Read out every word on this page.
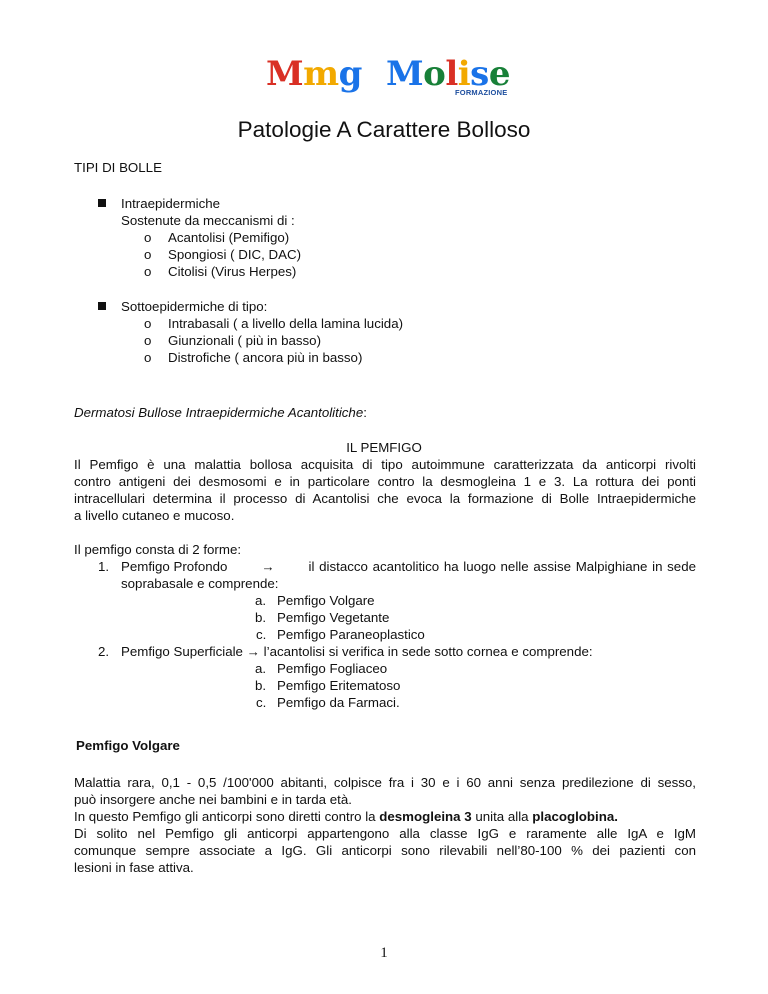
Mmg Molise
FORMAZIONE
Patologie A Carattere Bolloso
TIPI DI BOLLE
Intraepidermiche
Sostenute da meccanismi di :
o Acantolisi (Pemifigo)
o Spongiosi ( DIC, DAC)
o Citolisi (Virus Herpes)
Sottoepidermiche di tipo:
o Intrabasali ( a livello della lamina lucida)
o Giunzionali ( più in basso)
o Distrofiche ( ancora più in basso)
Dermatosi Bullose Intraepidermiche Acantolitiche:
IL PEMFIGO
Il Pemfigo è una malattia bollosa acquisita di tipo autoimmune caratterizzata da anticorpi rivolti
contro antigeni dei desmosomi e in particolare contro la desmogleina 1 e 3. La rottura dei ponti
intracellulari determina il processo di Acantolisi che evoca la formazione di Bolle Intraepidermiche
a livello cutaneo e mucoso.
Il pemfigo consta di 2 forme:
1. Pemfigo Profondo	→	il distacco acantolitico ha luogo nelle assise Malpighiane in sede
soprabasale e comprende:
a. Pemfigo Volgare
b. Pemfigo Vegetante
c. Pemfigo Paraneoplastico
2. Pemfigo Superficiale → l’acantolisi si verifica in sede sotto cornea e comprende:
a. Pemfigo Fogliaceo
b. Pemfigo Eritematoso
c. Pemfigo da Farmaci.
Pemfigo Volgare
Malattia rara, 0,1 - 0,5 /100'000 abitanti, colpisce fra i 30 e i 60 anni senza predilezione di sesso,
può insorgere anche nei bambini e in tarda età.
In questo Pemfigo gli anticorpi sono diretti contro la desmogleina 3 unita alla placoglobina.
Di solito nel Pemfigo gli anticorpi appartengono alla classe IgG e raramente alle IgA e IgM
comunque sempre associate a IgG. Gli anticorpi sono rilevabili nell’80-100 % dei pazienti con
lesioni in fase attiva.
1
